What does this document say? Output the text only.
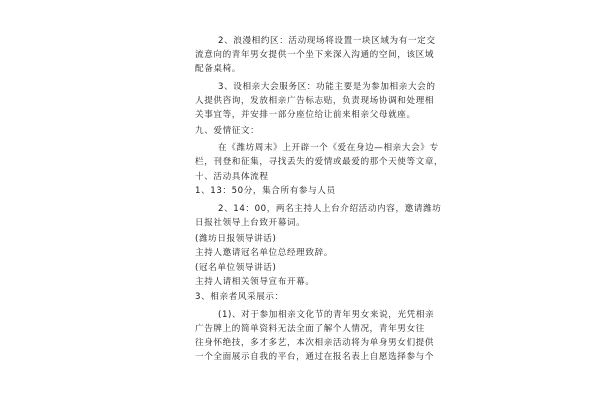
2、浪漫相约区：活动现场将设置一块区域为有一定交
流意向的青年男女提供一个坐下来深入沟通的空间，该区域
配备桌椅。
3、设相亲大会服务区：功能主要是为参加相亲大会的
人提供咨询，发放相亲广告标志贴，负责现场协调和处理相
关事宜等，并安排一部分座位给让前来相亲父母就座。
九、爱情征文：
在《潍坊周末》上开辟一个《爱在身边—相亲大会》专
栏，刊登和征集，寻找丢失的爱情或最爱的那个天使等文章，
十、活动具体流程
1、13：50分，集合所有参与人员
2、14：00，两名主持人上台介绍活动内容，邀请潍坊
日报社领导上台致开幕词。
(潍坊日报领导讲话)
主持人邀请冠名单位总经理致辞。
(冠名单位领导讲话)
主持人请相关领导宣布开幕。
3、相亲者风采展示：
(1)、对于参加相亲文化节的青年男女来说，光凭相亲
广告牌上的简单资料无法全面了解个人情况，青年男女往
往身怀绝技，多才多艺，本次相亲活动将为单身男女们提供
一个全面展示自我的平台，通过在报名表上自愿选择参与个
